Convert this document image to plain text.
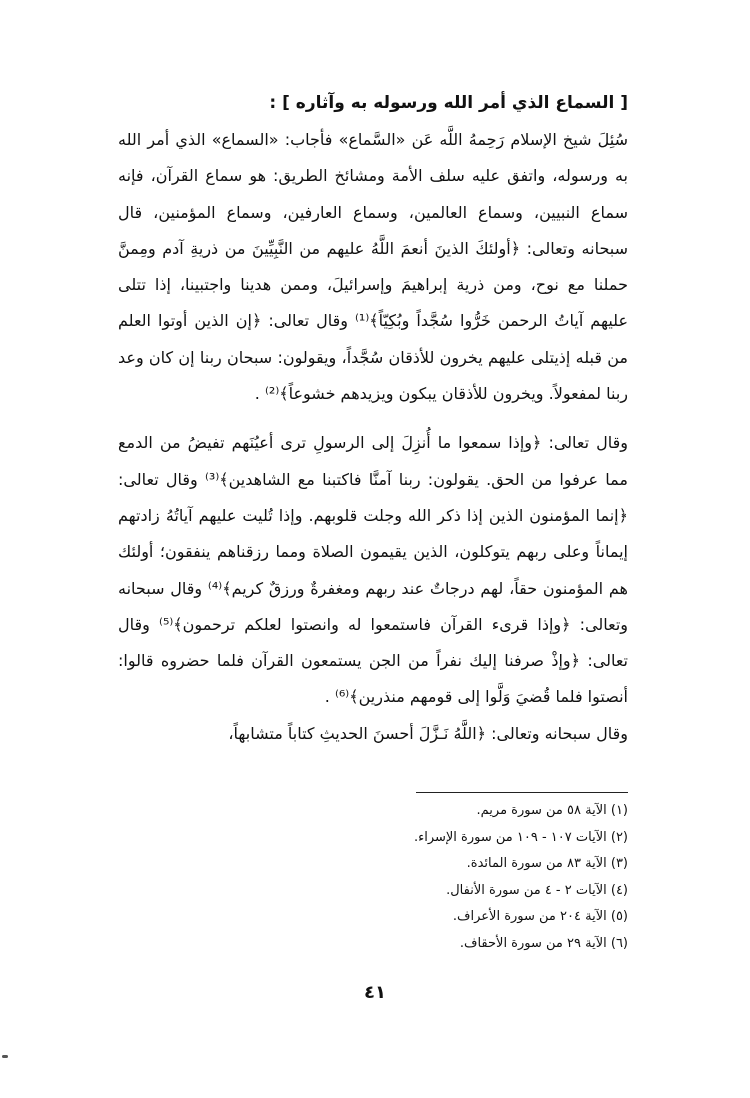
[ السماع الذي أمر الله ورسوله به وآثاره ] :

سُئِلَ شيخ الإسلام رَحِمهُ اللَّه عَن «السَّماع» فأجاب: «السماع» الذي أمر الله به ورسوله، واتفق عليه سلف الأمة ومشائخ الطريق: هو سماع القرآن، فإنه سماع النبيين، وسماع العالمين، وسماع العارفين، وسماع المؤمنين، قال سبحانه وتعالى: ﴿أولئكَ الذينَ أنعمَ اللَّهُ عليهم من النَّبِيِّينَ من ذريةِ آدم ومِمنَّ حملنا مع نوح، ومن ذرية إبراهيمَ وإسرائيلَ، وممن هدينا واجتبينا، إذا تتلى عليهم آياتُ الرحمن خَرُّوا سُجَّداً وبُكِيّاً﴾⁽¹⁾ وقال تعالى: ﴿إن الذين أوتوا العلم من قبله إذيتلى عليهم يخرون للأذقان سُجَّداً، ويقولون: سبحان ربنا إن كان وعد ربنا لمفعولاً. ويخرون للأذقان يبكون ويزيدهم خشوعاً﴾⁽²⁾ .

وقال تعالى: ﴿وإذا سمعوا ما أُنزِلَ إلى الرسولِ ترى أعيُنَهم تفيضُ من الدمع مما عرفوا من الحق. يقولون: ربنا آمنَّا فاكتبنا مع الشاهدين﴾⁽³⁾ وقال تعالى: ﴿إنما المؤمنون الذين إذا ذكر الله وجلت قلوبهم. وإذا تُليت عليهم آياتُهُ زادتهم إيماناً وعلى ربهم يتوكلون، الذين يقيمون الصلاة ومما رزقناهم ينفقون؛ أولئك هم المؤمنون حقاً، لهم درجاتٌ عند ربهم ومغفرةٌ ورزقٌ كريم﴾⁽⁴⁾ وقال سبحانه وتعالى: ﴿وإذا قرىء القرآن فاستمعوا له وانصتوا لعلكم ترحمون﴾⁽⁵⁾ وقال تعالى: ﴿وإذْ صرفنا إليك نفراً من الجن يستمعون القرآن فلما حضروه قالوا: أنصتوا فلما قُضيَ وَلَّوا إلى قومهم منذرين﴾⁽⁶⁾ .

وقال سبحانه وتعالى: ﴿اللَّهُ نَـزَّلَ أحسنَ الحديثِ كتاباً متشابهاً،

(١) الآية ٥٨ من سورة مريم.
(٢) الآيات ١٠٧ - ١٠٩ من سورة الإسراء.
(٣) الآية ٨٣ من سورة المائدة.
(٤) الآيات ٢ - ٤ من سورة الأنفال.
(٥) الآية ٢٠٤ من سورة الأعراف.
(٦) الآية ٢٩ من سورة الأحقاف.
٤١
